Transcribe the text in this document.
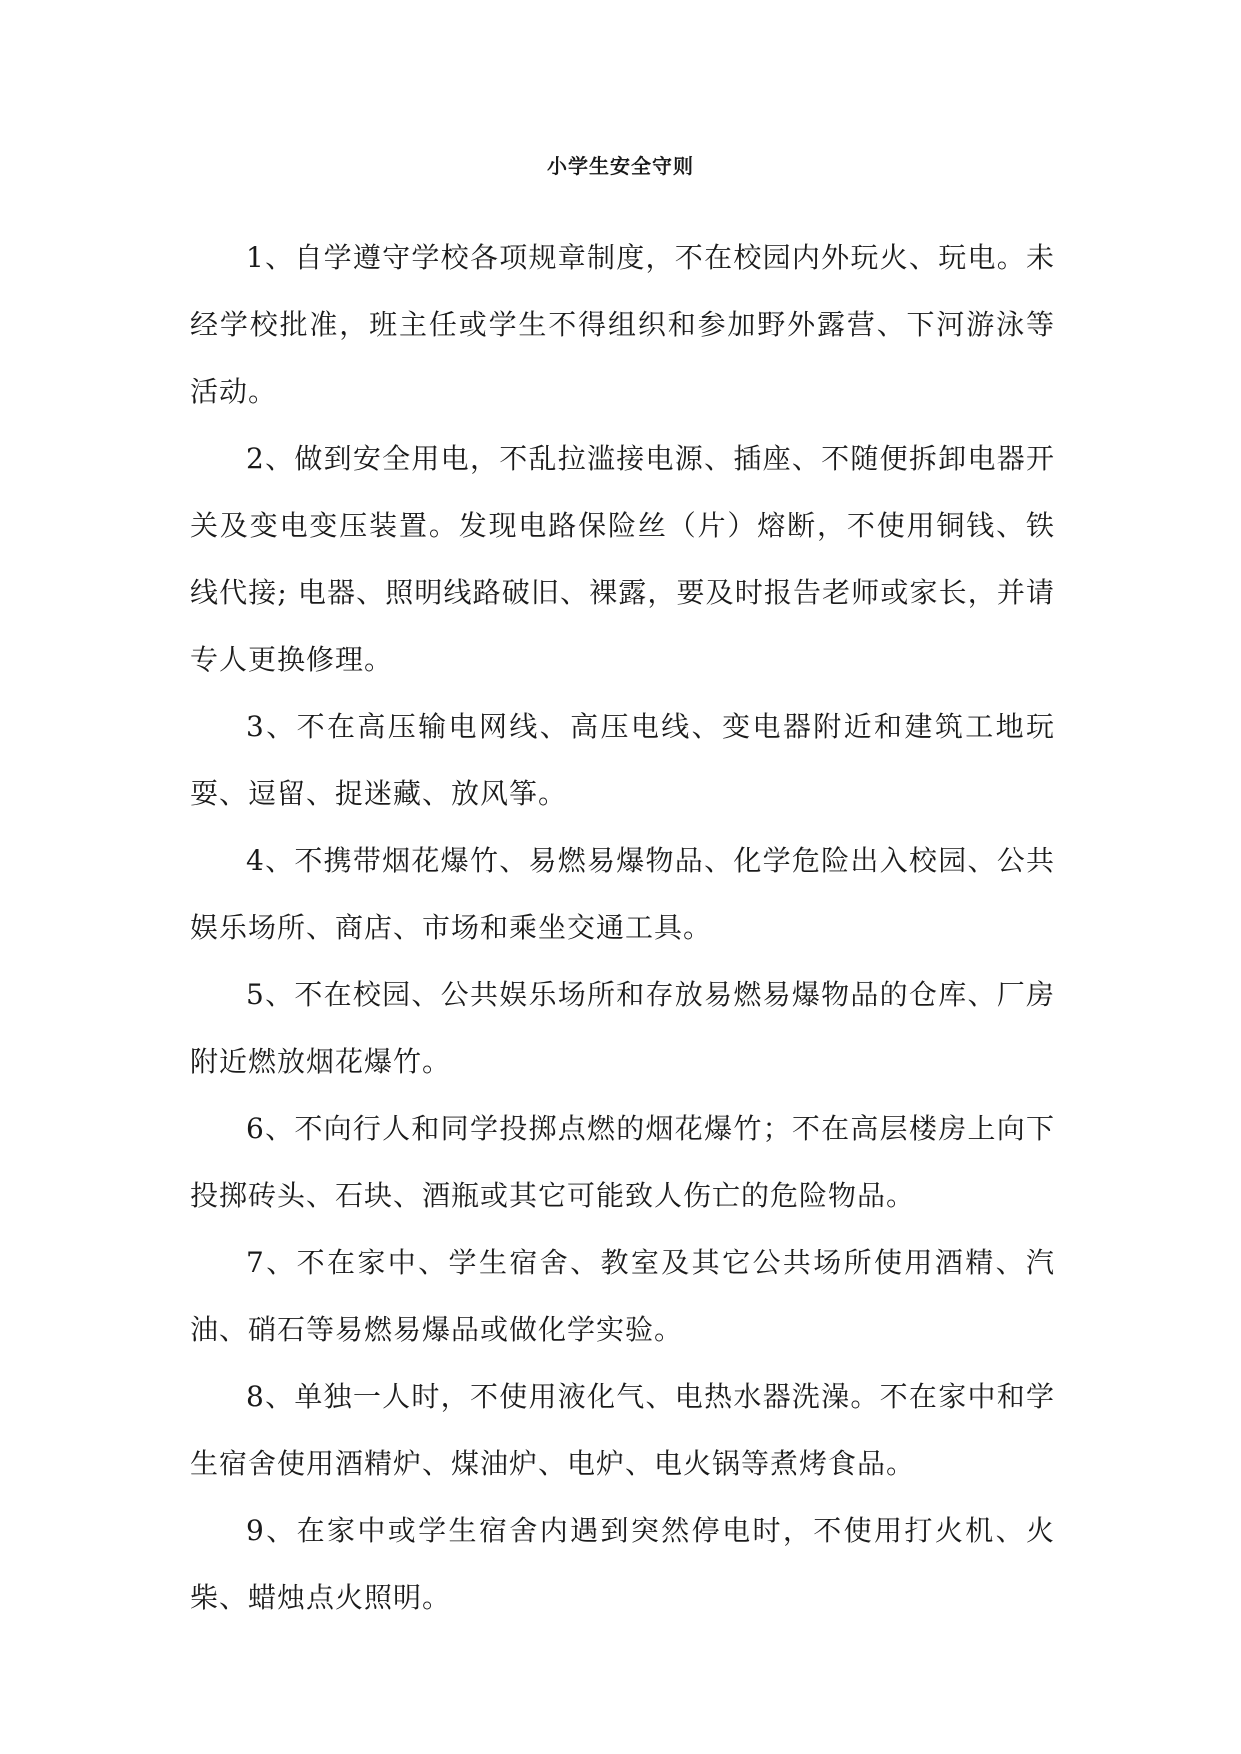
小学生安全守则

1、自学遵守学校各项规章制度，不在校园内外玩火、玩电。未经学校批准，班主任或学生不得组织和参加野外露营、下河游泳等活动。

2、做到安全用电，不乱拉滥接电源、插座、不随便拆卸电器开关及变电变压装置。发现电路保险丝（片）熔断，不使用铜钱、铁线代接; 电器、照明线路破旧、裸露，要及时报告老师或家长，并请专人更换修理。

3、不在高压输电网线、高压电线、变电器附近和建筑工地玩耍、逗留、捉迷藏、放风筝。

4、不携带烟花爆竹、易燃易爆物品、化学危险出入校园、公共娱乐场所、商店、市场和乘坐交通工具。

5、不在校园、公共娱乐场所和存放易燃易爆物品的仓库、厂房附近燃放烟花爆竹。

6、不向行人和同学投掷点燃的烟花爆竹；不在高层楼房上向下投掷砖头、石块、酒瓶或其它可能致人伤亡的危险物品。

7、不在家中、学生宿舍、教室及其它公共场所使用酒精、汽油、硝石等易燃易爆品或做化学实验。

8、单独一人时，不使用液化气、电热水器洗澡。不在家中和学生宿舍使用酒精炉、煤油炉、电炉、电火锅等煮烤食品。

9、在家中或学生宿舍内遇到突然停电时，不使用打火机、火柴、蜡烛点火照明。
